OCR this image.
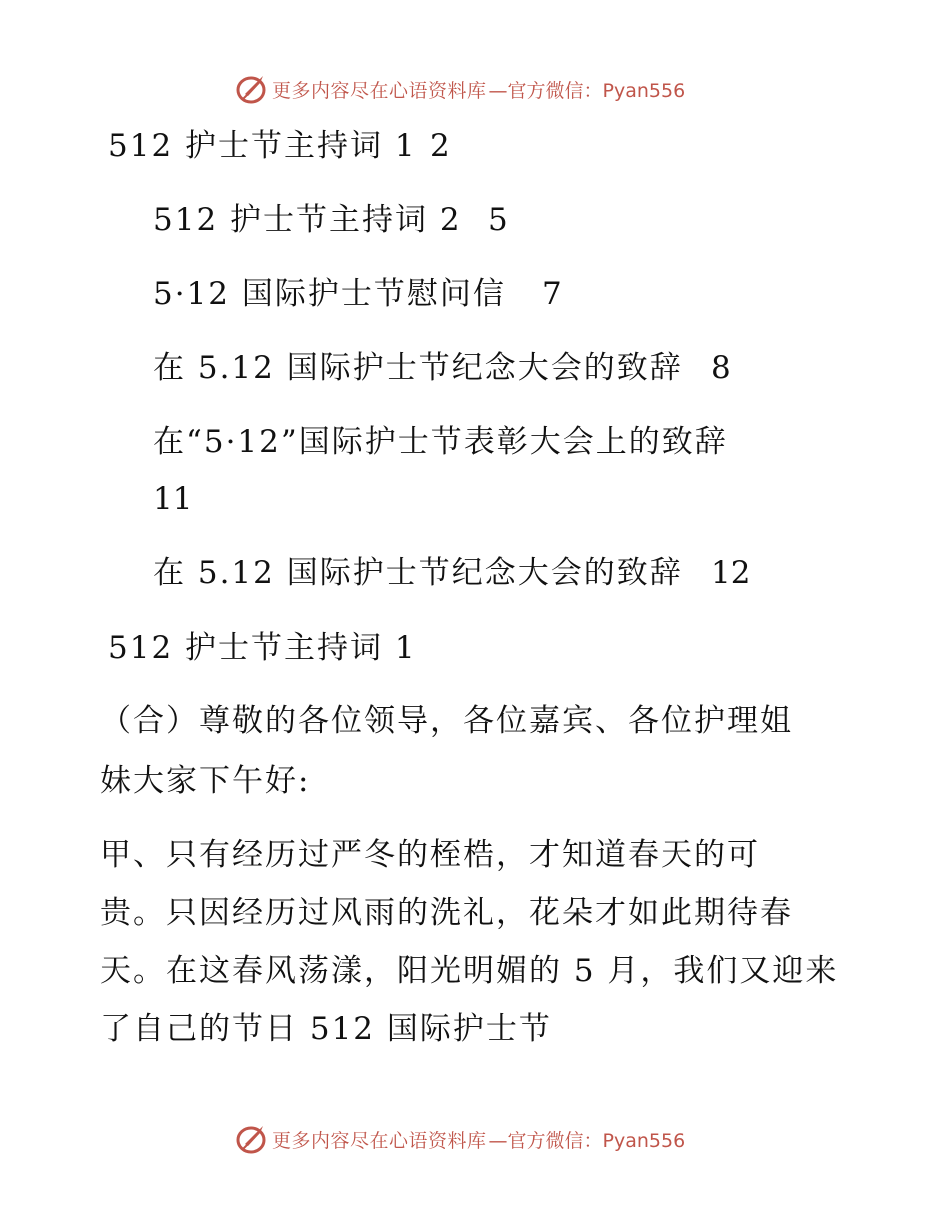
更多内容尽在心语资料库 —官方微信：Pyan556
512 护士节主持词 1 2
512 护士节主持词 2 5
5·12 国际护士节慰问信 7
在 5.12 国际护士节纪念大会的致辞 8
在“5·12”国际护士节表彰大会上的致辞
11
在 5.12 国际护士节纪念大会的致辞 12
512 护士节主持词 1
（合）尊敬的各位领导，各位嘉宾、各位护理姐
妹大家下午好:
甲、只有经历过严冬的桎梏，才知道春天的可
贵。只因经历过风雨的洗礼，花朵才如此期待春
天。在这春风荡漾，阳光明媚的 5 月，我们又迎来
了自己的节日 512 国际护士节
更多内容尽在心语资料库 —官方微信：Pyan556
